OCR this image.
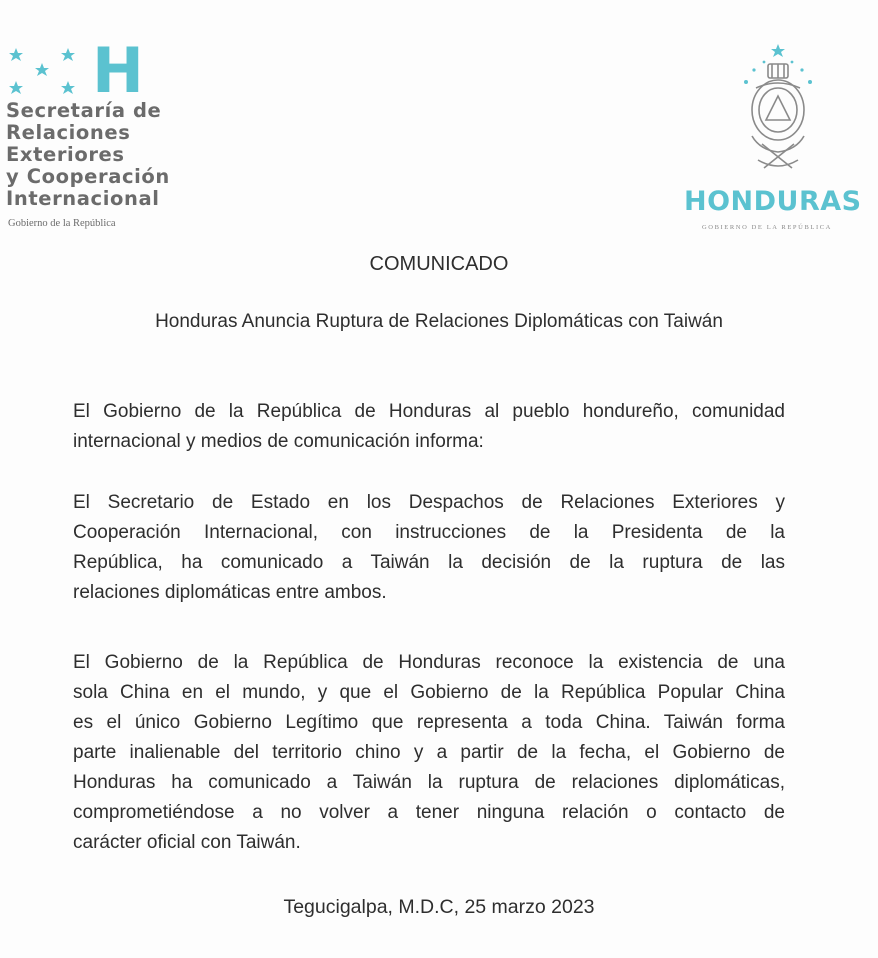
H
Secretaría de
Relaciones
Exteriores
y Cooperación
Internacional
Gobierno de la República
HONDURAS
GOBIERNO DE LA REPÚBLICA
COMUNICADO
Honduras Anuncia Ruptura de Relaciones Diplomáticas con Taiwán
El Gobierno de la República de Honduras al pueblo hondureño, comunidad
internacional y medios de comunicación informa:
El Secretario de Estado en los Despachos de Relaciones Exteriores y
Cooperación Internacional, con instrucciones de la Presidenta de la
República, ha comunicado a Taiwán la decisión de la ruptura de las
relaciones diplomáticas entre ambos.
El Gobierno de la República de Honduras reconoce la existencia de una
sola China en el mundo, y que el Gobierno de la República Popular China
es el único Gobierno Legítimo que representa a toda China. Taiwán forma
parte inalienable del territorio chino y a partir de la fecha, el Gobierno de
Honduras ha comunicado a Taiwán la ruptura de relaciones diplomáticas,
comprometiéndose a no volver a tener ninguna relación o contacto de
carácter oficial con Taiwán.
Tegucigalpa, M.D.C, 25 marzo 2023
